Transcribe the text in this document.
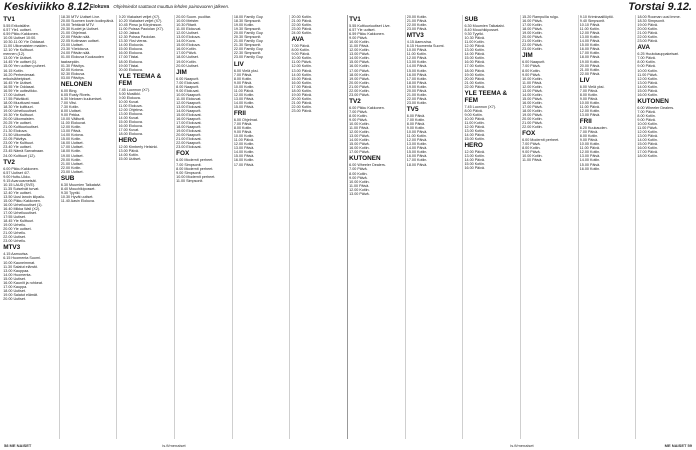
Keskiviikko 8.12.
Elokuva Ohjelmiedot saattavat muuttua lehden painovuoren jälkeen.	Torstai 9.12.
TV1
5.55 Erikoislähe.
6.57 Yle1 uutiset.
6.59 Pikku Kakkonen.
10.05 Uutiset 10:00.
10:30-11.00 Yle Oddasat.
11.00 Ulkomaisten maiden.
12.10 Yle Kulttuuri.
mennen (12).
13.00 Yle Uutiset.
14.45 Yle uutiset (1).
15.00 Yen uutisen puheet.
16.15 Kotiin.
16.20 Perhevieraat.
erikoislähetykset.
16.45 Yle Uutiset.
16.55 Yle Oddasat.
16.59 Yle uutisviikko.
17.00 Uutiset.
17.55 Päiväkoti.
18.00 Muuttuvat maat.
18.30 Yle kulttuuri.
19.00 Urheiluuutiset.
19.30 Yle Kulttuuri.
20.00 Ulkomaisten.
20.25 Yle uutiset.
21.00 Kulttuuriuutiset.
21.30 Elokuva.
21.50 Ulkomailla.
22.05 Päivitys.
23.00 Yle Kulttuuri.
23.40 Yle uutiset.
23.45 Nämä Sarvatnaan.
24.00 Kulttuuri (12).
TV2
6.00 Pikku Kakkonen.
6.57 Uutiset 4/7.
9.00 Huttu-Ukko.
9.15 Avaruusmetsät.
10.15 LAUD (SVE).
11.35 Suiselvät turvat.
12.40 Yle uutiset.
13.50 Uusi lanoin kilpailu.
15.00 Pikku Kakkonen.
16.00 Urheiluuutiset (1).
16.40 Mikka Wall (X2).
17.00 Urheiluuutiset.
17:55 Uutiset.
18.45 Yle Kulttuuri.
19.00 Urheilu.
20.00 Yle uutiset.
21.00 Urheilu.
22.00 Uutiset.
23.00 Urheilu.
MTV3
4.15 Aamuvisa.
6.15 Huomenta Suomi.
10.00 Kauneimmat.
11.30 Salatut elämät.
13.00 Kauppaa.
14.00 Huomenta.
15.00 Uutiset.
16.00 Kauniit ja rohkeat.
17.00 Kauppa.
18.00 Uutiset.
19.00 Salatut elämät.
20.00 Uutiset.
18.30 MTV Uutiset Live.
20.00 Suomen kovin kodinpäivä.
19.00 Tehtävät MTV.
20.30 Kuolet ja Uutiset.
21.00 Ohjelmat.
22.00 Päivän sää.
22.05 Kotimaan uutiset.
23.00 Uutiset.
23.30 Yöelokuva.
24.00 Päivän sää.
01.00 Elokuva Kuukauden
taaksepäin.
01.30 Päivitys.
02.00 Kotona.
02.30 Elokuva.
03.00 Päivitys.
NELONEN
6.00 Bing.
6.05 Rusty Rivets.
6.30 Nelosen kuulumiset.
7.00 Vitsi.
7.30 Kotiin.
8.00 Uutiset.
9.00 Pekka.
10.00 Välitunti.
11.00 Elokuvat.
12.00 Kotiin.
13.00 Päivä.
14.00 Kotona.
15.00 Kotiin.
16.00 Uutiset.
17.00 Uutiset.
18.00 Kotiin.
19.00 Uutiset.
20.00 Kotiin.
21.00 Uutiset.
22.00 Kotiin.
23.00 Uutiset.
SUB
6.30 Muumien Taikatalvi.
8.40 Mouchikiposset.
9.30 Tyyriki.
10.30 Hyvät uutiset.
11.40 Aasin Elokuva.
9.20 Vlakaiset veljet (X7).
10.20 Vlakaiset veljet (X7).
10.45 Pinso ja Körpinsson.
11.00 Poissa Paoiolan (X7).
12.00 Jaksot.
12.30 Poissa Paoiolan.
13.30 Yksi vieras.
14.00 Elokuvia.
15.00 Elokuva.
16.00 Elokuva.
17.00 Tiistai.
18.00 Elokuva.
19.00 Tiistai.
20.00 Elokuva.
YLE TEEMA & FEM
7.45 Luonnon (X7).
8.00 Musiikki.
9.00 Elokuva.
10.00 Kuvat.
11.00 Elokuva.
12.00 Ohjelma.
13.00 Elokuva.
14.00 Kuvat.
15.00 Elokuva.
16.00 Elokuva.
17.00 Kuvat.
18.00 Elokuva.
HERO
12.00 Kimberly Helsinki.
13.00 Päivä.
14.00 Kotiin.
15.00 Uutiset.
20.00 Suom. puolitar.
10.00 Meister.
10.30 Ritarit.
11.00 Elokuvat.
12.00 Uutiset.
13.00 Elokuva.
14.00 Kuva.
15.00 Elokuva.
16.00 Kotiin.
17.00 Päivä.
18.00 Uutiset.
19.00 Kotiin.
20.00 Uutiset.
JIM
6.00 Naapurit.
7.00 Elokuvat.
8.00 Naapurit.
9.00 Elokuvat.
10.00 Naapurit.
11.00 Elokuvat.
12.00 Naapurit.
13.00 Elokuvat.
14.00 Naapurit.
15.00 Elokuvat.
16.00 Naapurit.
17.00 Elokuvat.
18.00 Naapurit.
19.00 Elokuvat.
20.00 Naapurit.
21.00 Elokuvat.
22.00 Naapurit.
23.00 Elokuvat.
FOX
6.00 Modernit perheet.
7.00 Simpsonit.
8.00 Modernit perheet.
9.00 Simpsonit.
10.00 Modernit perheet.
11.00 Simpsonit.
18.00 Family Guy.
18.30 Simpsonit.
19.00 Kotiin.
19.30 Simpsonit.
20.00 Family Guy.
20.30 Simpsonit.
21.00 Family Guy.
21.30 Simpsonit.
22.00 Family Guy.
22.30 Simpsonit.
23.00 Family Guy.
LIV
6.00 Vielä yksi.
7.00 Päivä.
8.00 Kotiin.
9.00 Päivä.
10.00 Kotiin.
11.00 Päivä.
12.00 Kotiin.
13.00 Päivä.
14.00 Kotiin.
15.00 Päivä.
FRII
6.00 Ohjelmat.
7.00 Päivä.
8.00 Kotiin.
9.00 Päivä.
10.00 Kotiin.
11.00 Päivä.
12.00 Kotiin.
13.00 Päivä.
14.00 Kotiin.
15.00 Päivä.
16.00 Kotiin.
17.00 Päivä.
20.00 Kotiin.
21.00 Päivä.
22.00 Kotiin.
23.00 Päivä.
24.00 Kotiin.
AVA
7.00 Päivä.
8.00 Kotiin.
9.00 Päivä.
10.00 Kotiin.
11.00 Päivä.
12.00 Kotiin.
13.00 Päivä.
14.00 Kotiin.
15.00 Päivä.
16.00 Kotiin.
17.00 Päivä.
18.00 Kotiin.
19.00 Päivä.
20.00 Kotiin.
21.00 Päivä.
22.00 Kotiin.
23.00 Päivä.
TV1
5.55 Kulttuuriuutiset Live.
6.57 Yle uutiset.
6.59 Pikku Kakkonen.
9.00 Päivä.
10.00 Kotiin.
11.00 Päivä.
12.00 Kotiin.
13.00 Päivä.
14.00 Kotiin.
15.00 Päivä.
16.00 Kotiin.
17.00 Päivä.
18.00 Kotiin.
19.00 Päivä.
20.00 Kotiin.
21.00 Päivä.
22.00 Kotiin.
23.00 Päivä.
TV2
6.00 Pikku Kakkonen.
7.00 Päivä.
8.00 Kotiin.
9.00 Päivä.
10.00 Kotiin.
11.00 Päivä.
12.00 Kotiin.
13.00 Päivä.
14.00 Kotiin.
15.00 Päivä.
16.00 Kotiin.
17.00 Päivä.
KUTONEN
6.00 Wheeler Dealers.
7.00 Päivä.
8.00 Kotiin.
9.00 Päivä.
10.00 Kotiin.
11.00 Päivä.
12.00 Kotiin.
13.00 Päivä.
20.00 Kotiin.
21.00 Päivä.
22.00 Kotiin.
23.00 Päivä.
MTV3
4.15 Aamuvisa.
6.15 Huomenta Suomi.
10.00 Päivä.
11.00 Kotiin.
12.00 Päivä.
13.00 Kotiin.
14.00 Päivä.
15.00 Kotiin.
16.00 Päivä.
17.00 Kotiin.
18.00 Päivä.
19.00 Kotiin.
20.00 Päivä.
21.00 Kotiin.
22.00 Päivä.
23.00 Kotiin.
TV5
6.00 Päivä.
7.00 Kotiin.
8.00 Päivä.
9.00 Kotiin.
10.00 Päivä.
11.00 Kotiin.
12.00 Päivä.
13.00 Kotiin.
14.00 Päivä.
15.00 Kotiin.
16.00 Päivä.
17.00 Kotiin.
18.00 Päivä.
SUB
6.30 Muumien Taikatalvi.
8.40 Mouchikiposset.
9.30 Tyyriki.
10.30 Päivä.
11.00 Kotiin.
12.00 Päivä.
13.00 Kotiin.
14.00 Päivä.
15.00 Kotiin.
16.00 Päivä.
17.00 Kotiin.
18.00 Päivä.
19.00 Kotiin.
20.00 Päivä.
21.00 Kotiin.
22.00 Päivä.
YLE TEEMA & FEM
7.45 Luonnon (X7).
8.00 Päivä.
9.00 Kotiin.
10.00 Päivä.
11.00 Kotiin.
12.00 Päivä.
13.00 Kotiin.
14.00 Päivä.
15.00 Kotiin.
HERO
12.00 Päivä.
13.00 Kotiin.
14.00 Päivä.
15.00 Kotiin.
16.00 Päivä.
15.20 Rampuilla rulgu.
16.00 Päivä.
17.00 Kotiin.
18.00 Päivä.
19.00 Kotiin.
20.00 Päivä.
21.00 Kotiin.
22.00 Päivä.
23.00 Kotiin.
JIM
6.00 Naapurit.
7.00 Päivä.
8.00 Kotiin.
9.00 Päivä.
10.00 Kotiin.
11.00 Päivä.
12.00 Kotiin.
13.00 Päivä.
14.00 Kotiin.
15.00 Päivä.
16.00 Kotiin.
17.00 Päivä.
18.00 Kotiin.
19.00 Päivä.
20.00 Kotiin.
21.00 Päivä.
22.00 Kotiin.
FOX
6.00 Modernit perheet.
7.00 Päivä.
8.00 Kotiin.
9.00 Päivä.
10.00 Kotiin.
11.00 Päivä.
9.10 Kriminaalilöytiö.
9.40 Simpsonit.
10.10 Päivä.
11.00 Kotiin.
12.00 Päivä.
13.00 Kotiin.
14.00 Päivä.
15.00 Kotiin.
16.00 Päivä.
17.00 Kotiin.
18.00 Päivä.
19.00 Kotiin.
20.00 Päivä.
21.00 Kotiin.
22.00 Päivä.
LIV
6.00 Vielä yksi.
7.00 Päivä.
8.00 Kotiin.
9.00 Päivä.
10.00 Kotiin.
11.00 Päivä.
12.00 Kotiin.
13.00 Päivä.
FRII
6.20 Kuukauden.
7.00 Päivä.
8.00 Kotiin.
9.00 Päivä.
10.00 Kotiin.
11.00 Päivä.
12.00 Kotiin.
13.00 Päivä.
14.00 Kotiin.
15.00 Päivä.
16.00 Kotiin.
18.00 Rooman uusi Imme.
18.30 Simpsonit.
19.00 Päivä.
20.00 Kotiin.
21.00 Päivä.
22.00 Kotiin.
23.00 Päivä.
AVA
6.25 Huutokauppakeisari.
7.00 Päivä.
8.00 Kotiin.
9.00 Päivä.
10.00 Kotiin.
11.00 Päivä.
12.00 Kotiin.
13.00 Päivä.
14.00 Kotiin.
15.00 Päivä.
16.00 Kotiin.
KUTONEN
6.00 Wheeler Dealers.
7.00 Päivä.
8.00 Kotiin.
9.00 Päivä.
10.00 Kotiin.
11.00 Päivä.
12.00 Kotiin.
13.00 Päivä.
14.00 Kotiin.
15.00 Päivä.
16.00 Kotiin.
17.00 Päivä.
18.00 Kotiin.
58 ME NAISET	is.fi/menaiset	is.fi/menaiset	ME NAISET 59
